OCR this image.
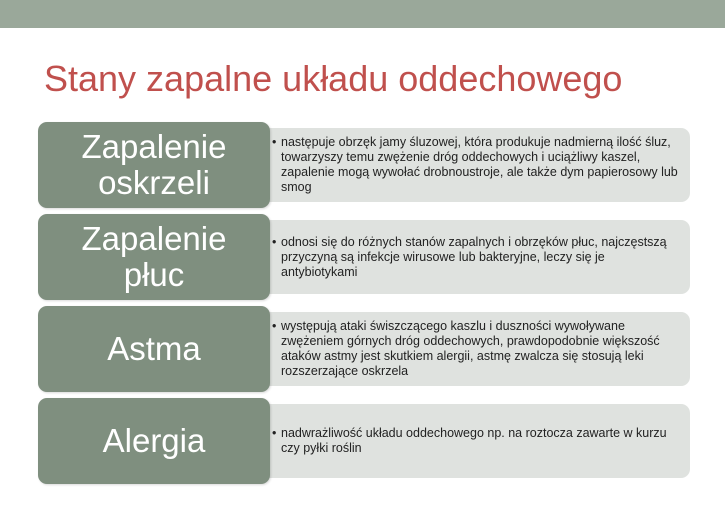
Stany zapalne układu oddechowego
• następuje obrzęk jamy śluzowej, która produkuje nadmierną ilość śluz, towarzyszy temu zwężenie dróg oddechowych i uciążliwy kaszel, zapalenie mogą wywołać drobnoustroje, ale także dym papierosowy lub smog
Zapalenie oskrzeli
• odnosi się do różnych stanów zapalnych i obrzęków płuc, najczęstszą przyczyną są infekcje wirusowe lub bakteryjne, leczy się je antybiotykami
Zapalenie płuc
• występują ataki świszczącego kaszlu i duszności wywoływane zwężeniem górnych dróg oddechowych, prawdopodobnie większość ataków astmy jest skutkiem alergii, astmę zwalcza się stosują leki rozszerzające oskrzela
Astma
• nadwrażliwość układu oddechowego np. na roztocza zawarte w kurzu czy pyłki roślin
Alergia
